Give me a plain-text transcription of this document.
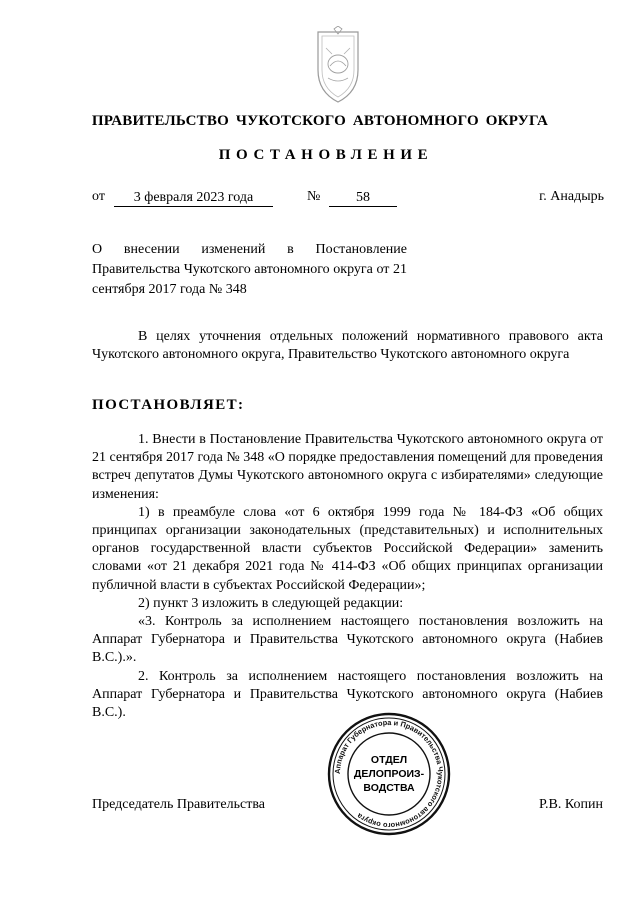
ПРАВИТЕЛЬСТВО ЧУКОТСКОГО АВТОНОМНОГО ОКРУГА
ПОСТАНОВЛЕНИЕ
от	3 февраля 2023 года	№	58	г. Анадырь
О внесении изменений в Постановление Правительства Чукотского автономного округа от 21 сентября 2017 года № 348

В целях уточнения отдельных положений нормативного правового акта Чукотского автономного округа, Правительство Чукотского автономного округа

ПОСТАНОВЛЯЕТ:

1. Внести в Постановление Правительства Чукотского автономного округа от 21 сентября 2017 года № 348 «О порядке предоставления помещений для проведения встреч депутатов Думы Чукотского автономного округа с избирателями» следующие изменения:

1) в преамбуле слова «от 6 октября 1999 года № 184-ФЗ «Об общих принципах организации законодательных (представительных) и исполнительных органов государственной власти субъектов Российской Федерации» заменить словами «от 21 декабря 2021 года № 414-ФЗ «Об общих принципах организации публичной власти в субъектах Российской Федерации»;

2) пункт 3 изложить в следующей редакции:

«3. Контроль за исполнением настоящего постановления возложить на Аппарат Губернатора и Правительства Чукотского автономного округа (Набиев В.С.).».

2. Контроль за исполнением настоящего постановления возложить на Аппарат Губернатора и Правительства Чукотского автономного округа (Набиев В.С.).

Аппарат Губернатора и Правительства Чукотского автономного округа
ОТДЕЛ
ДЕЛОПРОИЗ-
ВОДСТВА
Председатель Правительства	Р.В. Копин
